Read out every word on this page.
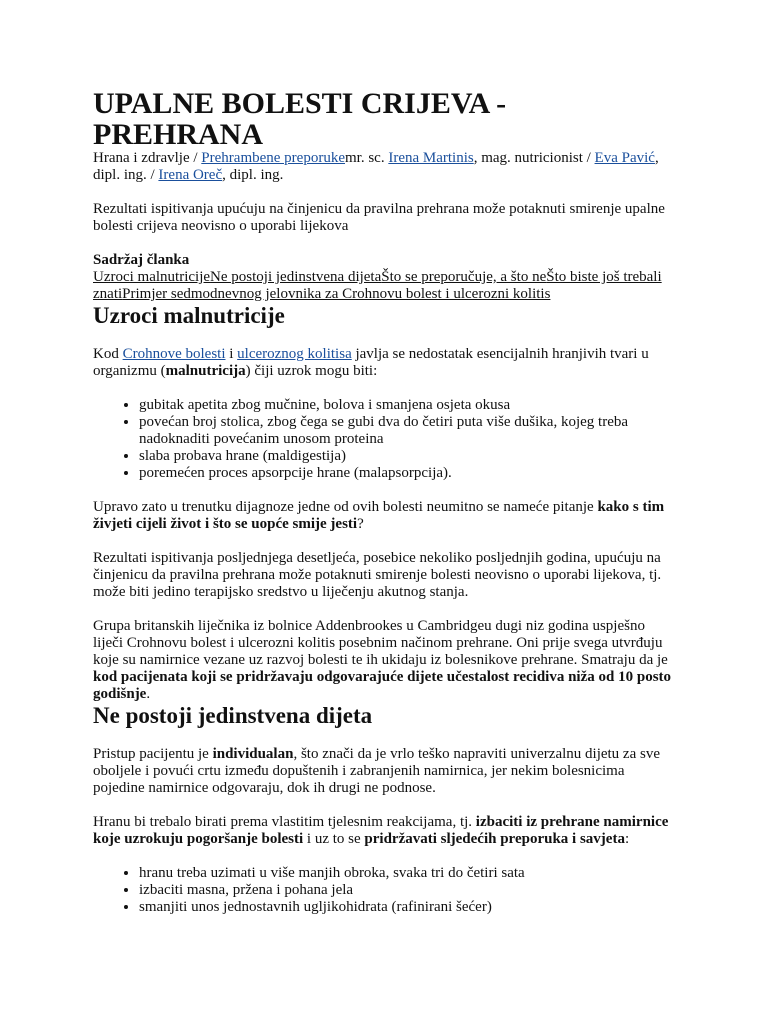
UPALNE BOLESTI CRIJEVA - PREHRANA

Hrana i zdravlje / Prehrambene preporukemr. sc. Irena Martinis, mag. nutricionist / Eva Pavić, dipl. ing. / Irena Oreč, dipl. ing.

Rezultati ispitivanja upućuju na činjenicu da pravilna prehrana može potaknuti smirenje upalne bolesti crijeva neovisno o uporabi lijekova

Sadržaj članka

Uzroci malnutricijeNe postoji jedinstvena dijetaŠto se preporučuje, a što neŠto biste još trebali znatiPrimjer sedmodnevnog jelovnika za Crohnovu bolest i ulcerozni kolitis

Uzroci malnutricije

Kod Crohnove bolesti i ulceroznog kolitisa javlja se nedostatak esencijalnih hranjivih tvari u organizmu (malnutricija) čiji uzrok mogu biti:

• gubitak apetita zbog mučnine, bolova i smanjena osjeta okusa
• povećan broj stolica, zbog čega se gubi dva do četiri puta više dušika, kojeg treba nadoknaditi povećanim unosom proteina
• slaba probava hrane (maldigestija)
• poremećen proces apsorpcije hrane (malapsorpcija).

Upravo zato u trenutku dijagnoze jedne od ovih bolesti neumitno se nameće pitanje kako s tim živjeti cijeli život i što se uopće smije jesti?

Rezultati ispitivanja posljednjega desetljeća, posebice nekoliko posljednjih godina, upućuju na činjenicu da pravilna prehrana može potaknuti smirenje bolesti neovisno o uporabi lijekova, tj. može biti jedino terapijsko sredstvo u liječenju akutnog stanja.

Grupa britanskih liječnika iz bolnice Addenbrookes u Cambridgeu dugi niz godina uspješno liječi Crohnovu bolest i ulcerozni kolitis posebnim načinom prehrane. Oni prije svega utvrđuju koje su namirnice vezane uz razvoj bolesti te ih ukidaju iz bolesnikove prehrane. Smatraju da je kod pacijenata koji se pridržavaju odgovarajuće dijete učestalost recidiva niža od 10 posto godišnje.

Ne postoji jedinstvena dijeta

Pristup pacijentu je individualan, što znači da je vrlo teško napraviti univerzalnu dijetu za sve oboljele i povući crtu između dopuštenih i zabranjenih namirnica, jer nekim bolesnicima pojedine namirnice odgovaraju, dok ih drugi ne podnose.

Hranu bi trebalo birati prema vlastitim tjelesnim reakcijama, tj. izbaciti iz prehrane namirnice koje uzrokuju pogoršanje bolesti i uz to se pridržavati sljedećih preporuka i savjeta:

• hranu treba uzimati u više manjih obroka, svaka tri do četiri sata
• izbaciti masna, pržena i pohana jela
• smanjiti unos jednostavnih ugljikohidrata (rafinirani šećer)
